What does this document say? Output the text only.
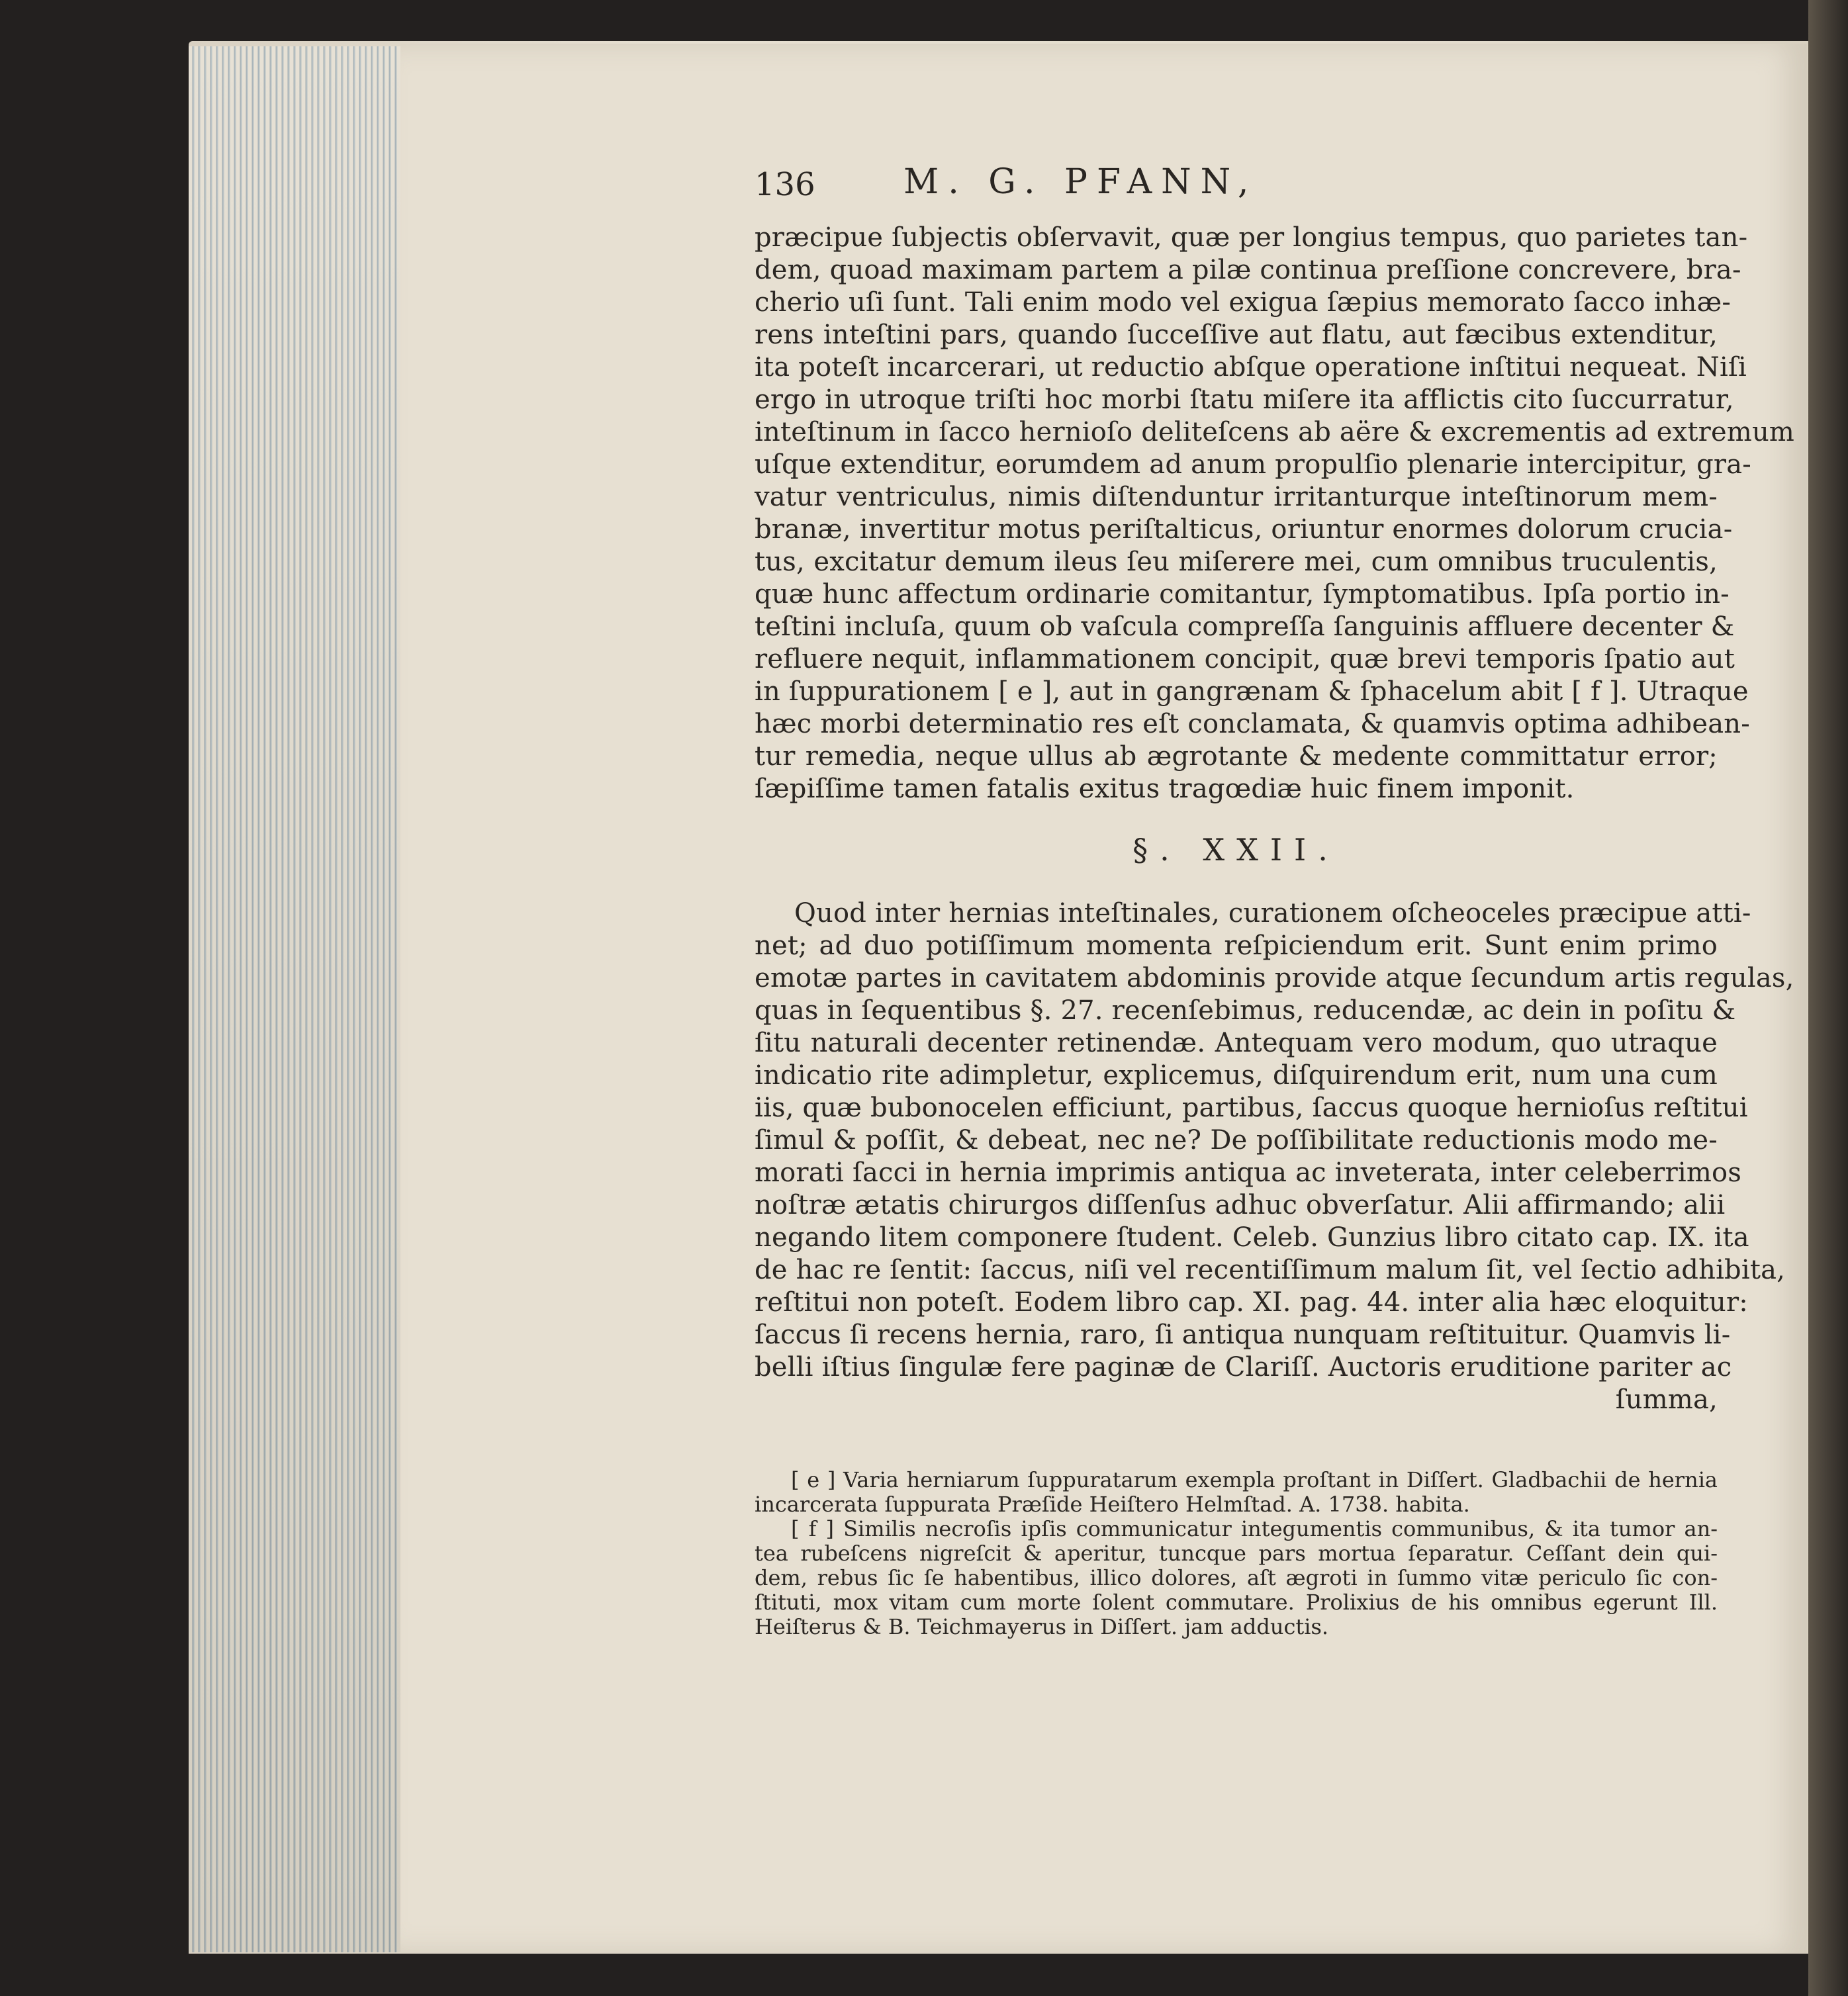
136	M. G. PFANN,
præcipue ſubjectis obſervavit, quæ per longius tempus, quo parietes tan-
dem, quoad maximam partem a pilæ continua preſſione concrevere, bra-
cherio uſi ſunt. Tali enim modo vel exigua ſæpius memorato ſacco inhæ-
rens inteſtini pars, quando ſucceſſive aut flatu, aut fæcibus extenditur,
ita poteſt incarcerari, ut reductio abſque operatione inſtitui nequeat. Niſi
ergo in utroque triſti hoc morbi ſtatu miſere ita afflictis cito ſuccurratur,
inteſtinum in ſacco hernioſo deliteſcens ab aëre & excrementis ad extremum
uſque extenditur, eorumdem ad anum propulſio plenarie intercipitur, gra-
vatur ventriculus, nimis diſtenduntur irritanturque inteſtinorum mem-
branæ, invertitur motus periſtalticus, oriuntur enormes dolorum crucia-
tus, excitatur demum ileus ſeu miſerere mei, cum omnibus truculentis,
quæ hunc affectum ordinarie comitantur, ſymptomatibus. Ipſa portio in-
teſtini incluſa, quum ob vaſcula compreſſa ſanguinis affluere decenter &
refluere nequit, inflammationem concipit, quæ brevi temporis ſpatio aut
in ſuppurationem [ e ], aut in gangrænam & ſphacelum abit [ f ]. Utraque
hæc morbi determinatio res eſt conclamata, & quamvis optima adhibean-
tur remedia, neque ullus ab ægrotante & medente committatur error;
ſæpiſſime tamen fatalis exitus tragœdiæ huic finem imponit.
§. XXII.
Quod inter hernias inteſtinales, curationem oſcheoceles præcipue atti-
net; ad duo potiſſimum momenta reſpiciendum erit. Sunt enim primo
emotæ partes in cavitatem abdominis provide atque ſecundum artis regulas,
quas in ſequentibus §. 27. recenſebimus, reducendæ, ac dein in poſitu &
ſitu naturali decenter retinendæ. Antequam vero modum, quo utraque
indicatio rite adimpletur, explicemus, diſquirendum erit, num una cum
iis, quæ bubonocelen efficiunt, partibus, ſaccus quoque hernioſus reſtitui
ſimul & poſſit, & debeat, nec ne? De poſſibilitate reductionis modo me-
morati ſacci in hernia imprimis antiqua ac inveterata, inter celeberrimos
noſtræ ætatis chirurgos diſſenſus adhuc obverſatur. Alii affirmando; alii
negando litem componere ſtudent. Celeb. Gunzius libro citato cap. IX. ita
de hac re ſentit: ſaccus, niſi vel recentiſſimum malum ſit, vel ſectio adhibita,
reſtitui non poteſt. Eodem libro cap. XI. pag. 44. inter alia hæc eloquitur:
ſaccus ſi recens hernia, raro, ſi antiqua nunquam reſtituitur. Quamvis li-
belli iſtius ſingulæ fere paginæ de Clariſſ. Auctoris eruditione pariter ac
ſumma,
[ e ] Varia herniarum ſuppuratarum exempla proſtant in Diſſert. Gladbachii de hernia
incarcerata ſuppurata Præſide Heiſtero Helmſtad. A. 1738. habita.
[ f ] Similis necroſis ipſis communicatur integumentis communibus, & ita tumor an-
tea rubeſcens nigreſcit & aperitur, tuncque pars mortua ſeparatur. Ceſſant dein qui-
dem, rebus ſic ſe habentibus, illico dolores, aſt ægroti in ſummo vitæ periculo ſic con-
ſtituti, mox vitam cum morte ſolent commutare. Prolixius de his omnibus egerunt Ill.
Heiſterus & B. Teichmayerus in Diſſert. jam adductis.
